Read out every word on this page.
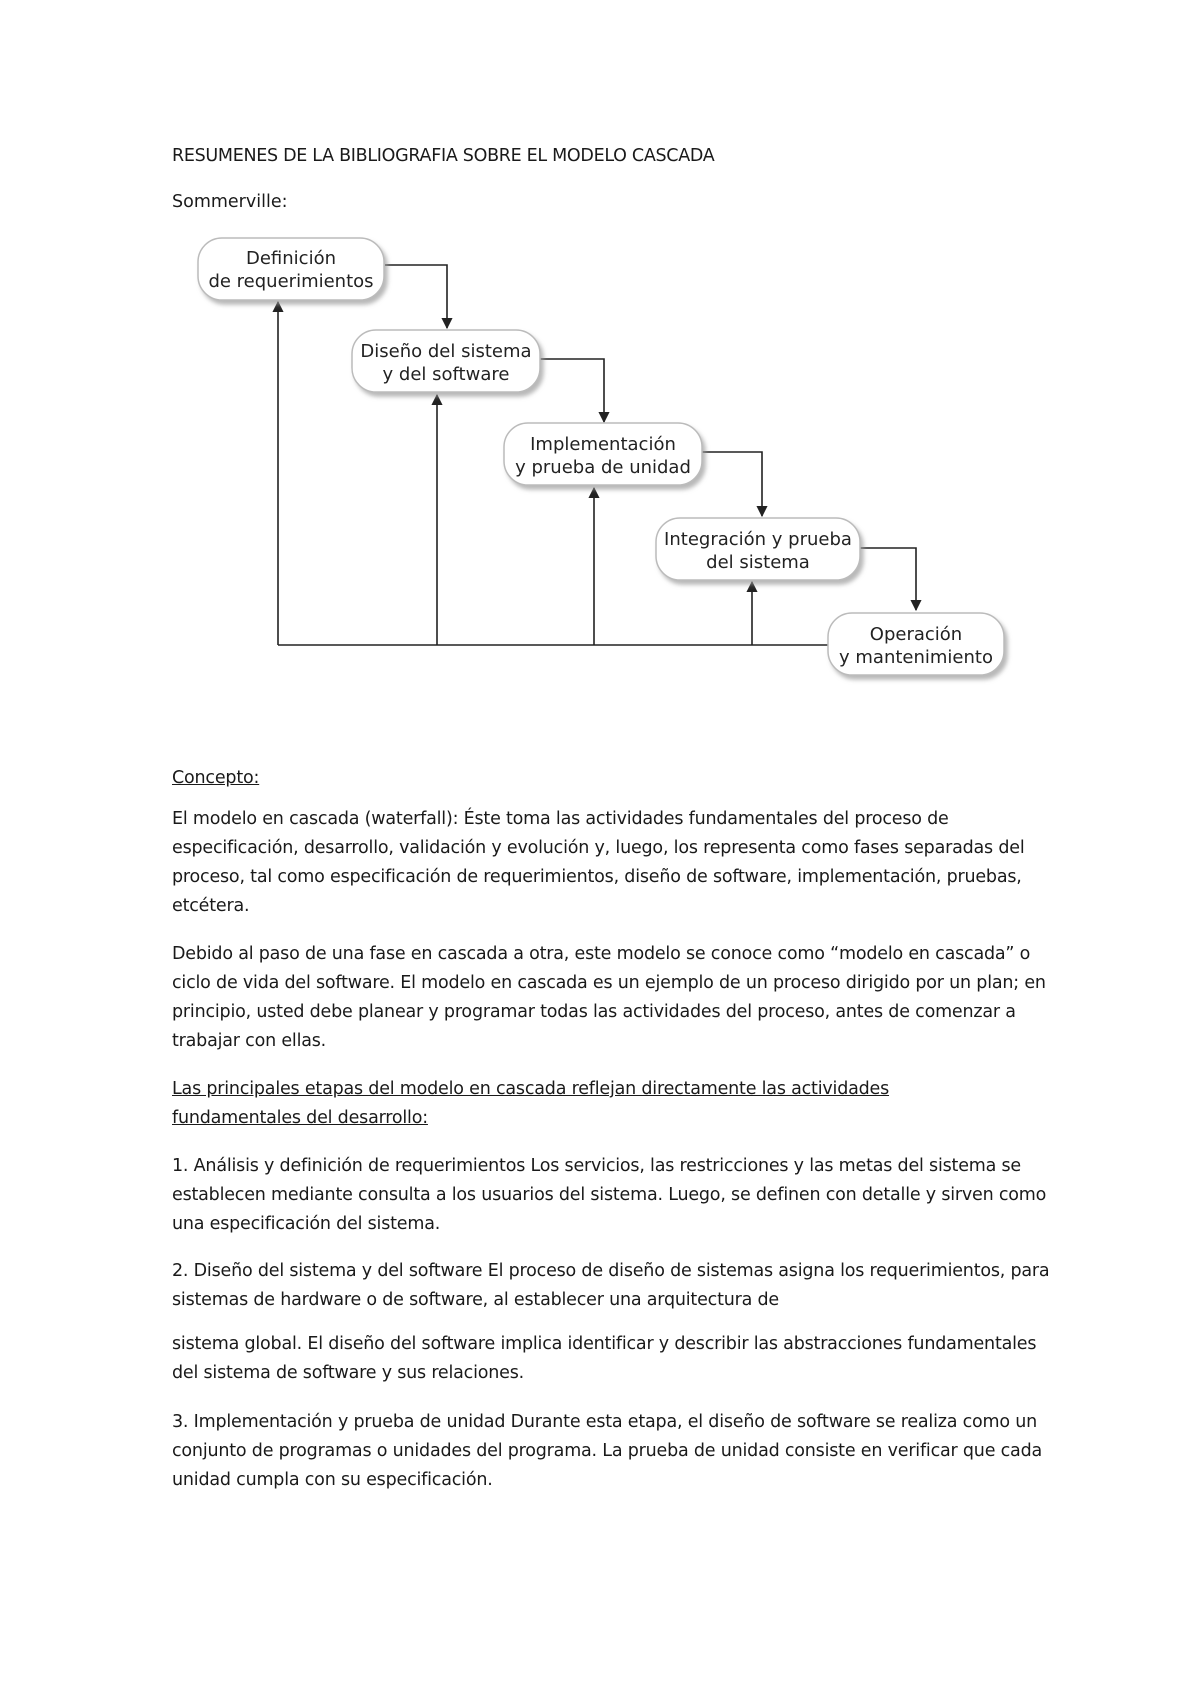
RESUMENES DE LA BIBLIOGRAFIA SOBRE EL MODELO CASCADA
Sommerville:
Definición
de requerimientos
Diseño del sistema
y del software
Implementación
y prueba de unidad
Integración y prueba
del sistema
Operación
y mantenimiento
Concepto:
El modelo en cascada (waterfall): Éste toma las actividades fundamentales del proceso de especificación, desarrollo, validación y evolución y, luego, los representa como fases separadas del proceso, tal como especificación de requerimientos, diseño de software, implementación, pruebas, etcétera.
Debido al paso de una fase en cascada a otra, este modelo se conoce como “modelo en cascada” o ciclo de vida del software. El modelo en cascada es un ejemplo de un proceso dirigido por un plan; en principio, usted debe planear y programar todas las actividades del proceso, antes de comenzar a trabajar con ellas.
Las principales etapas del modelo en cascada reflejan directamente las actividades fundamentales del desarrollo:
1. Análisis y definición de requerimientos Los servicios, las restricciones y las metas del sistema se establecen mediante consulta a los usuarios del sistema. Luego, se definen con detalle y sirven como una especificación del sistema.
2. Diseño del sistema y del software El proceso de diseño de sistemas asigna los requerimientos, para sistemas de hardware o de software, al establecer una arquitectura de
sistema global. El diseño del software implica identificar y describir las abstracciones fundamentales del sistema de software y sus relaciones.
3. Implementación y prueba de unidad Durante esta etapa, el diseño de software se realiza como un conjunto de programas o unidades del programa. La prueba de unidad consiste en verificar que cada unidad cumpla con su especificación.
